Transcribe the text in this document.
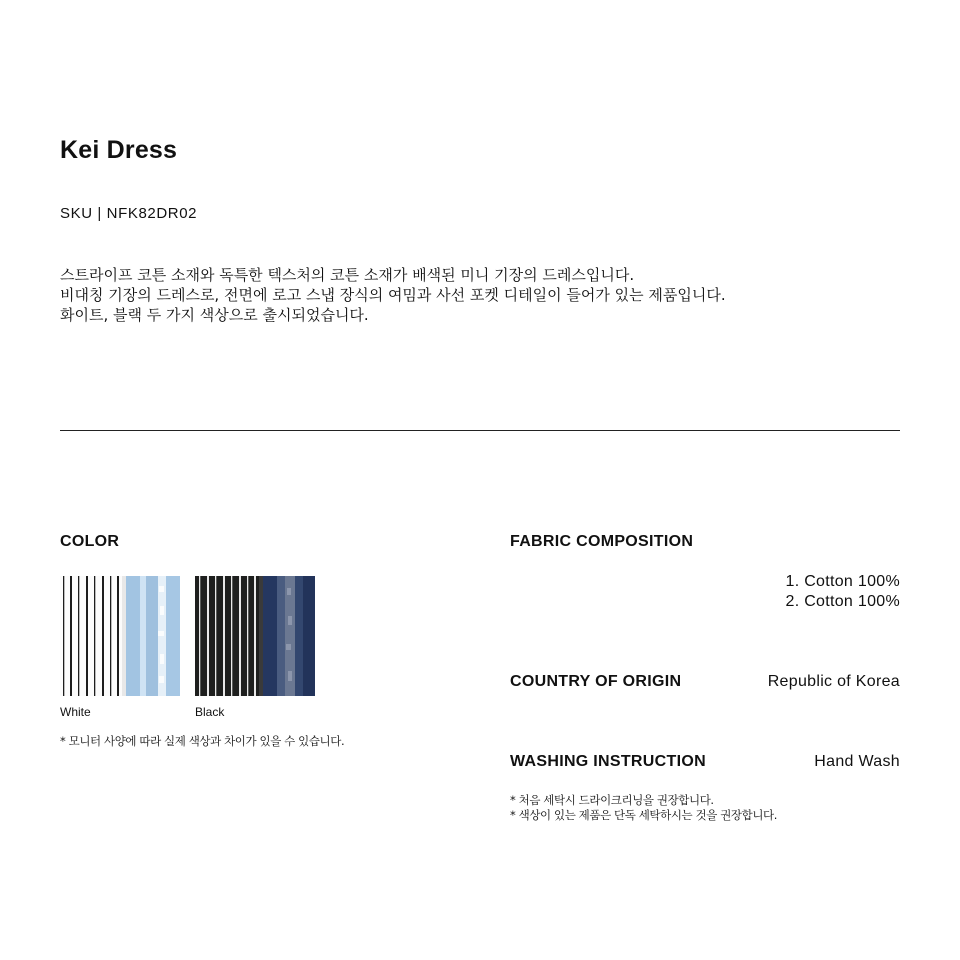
Kei Dress
SKU | NFK82DR02
스트라이프 코튼 소재와 독특한 텍스처의 코튼 소재가 배색된 미니 기장의 드레스입니다.
비대칭 기장의 드레스로, 전면에 로고 스냅 장식의 여밈과 사선 포켓 디테일이 들어가 있는 제품입니다.
화이트, 블랙 두 가지 색상으로 출시되었습니다.
COLOR
White	Black
* 모니터 사양에 따라 실제 색상과 차이가 있을 수 있습니다.
FABRIC COMPOSITION
1. Cotton 100%
2. Cotton 100%
COUNTRY OF ORIGIN	Republic of Korea
WASHING INSTRUCTION	Hand Wash
* 처음 세탁시 드라이크리닝을 권장합니다.
* 색상이 있는 제품은 단독 세탁하시는 것을 권장합니다.
